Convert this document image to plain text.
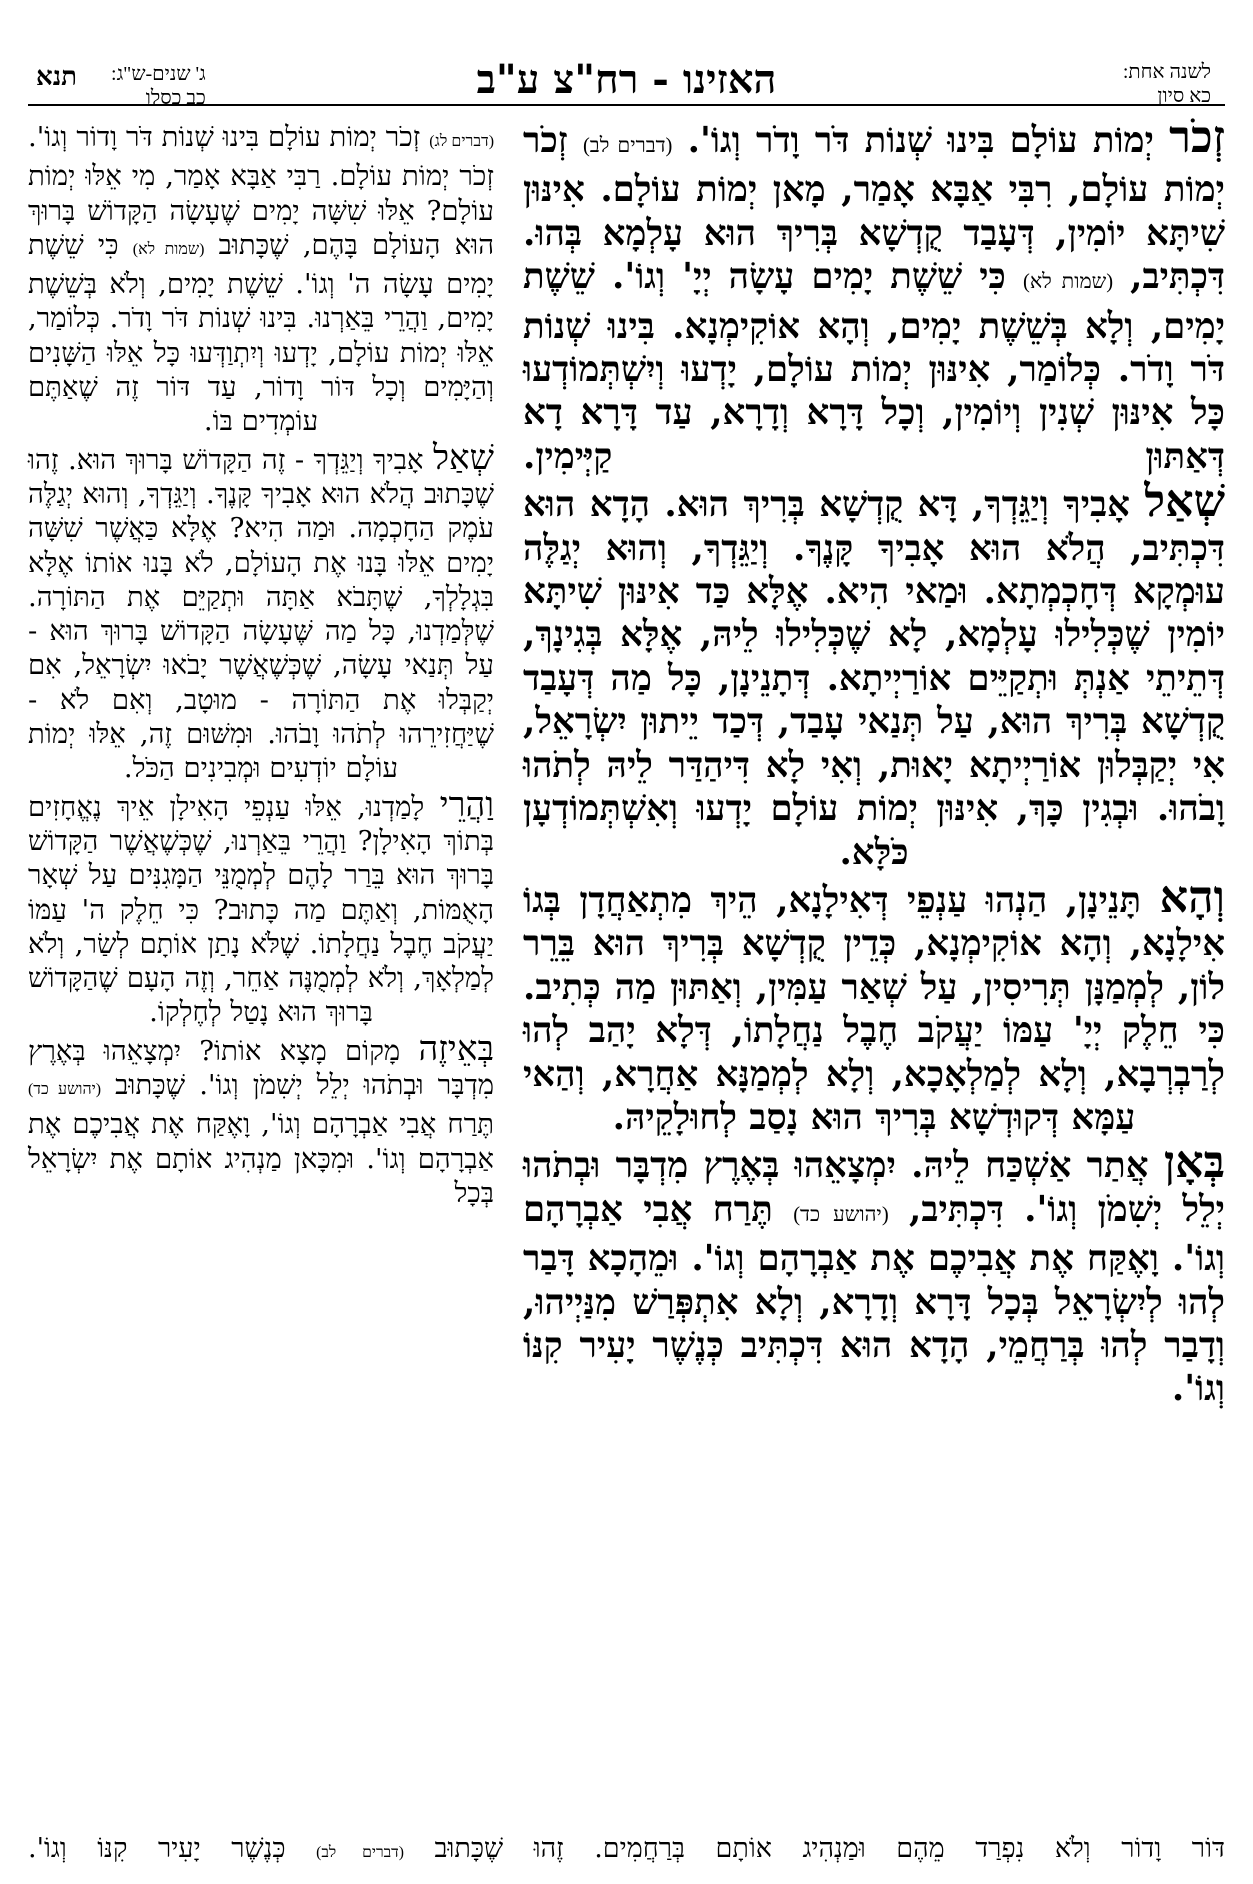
לשנה אחת:
כא סיון
האזינו - רח"צ ע"ב
תנא ג' שנים-ש"ג:
כב כסלו

זְכֹר יְמוֹת עוֹלָם בִּינוּ שְׁנוֹת דֹּר וָדֹר וְגוֹ'. (דברים לב) זְכֹר יְמוֹת עוֹלָם, רִבִּי אַבָּא אָמַר, מָאן יְמוֹת עוֹלָם. אִינּוּן שִׁיתָּא יוֹמִין, דְּעָבַד קֻדְשָׁא בְּרִיךְ הוּא עָלְמָא בְּהוּ. דִּכְתִּיב, (שמות לא) כִּי שֵׁשֶׁת יָמִים עָשָׂה יְיָ' וְגוֹ'. שֵׁשֶׁת יָמִים, וְלָא בְּשֵׁשֶׁת יָמִים, וְהָא אוֹקִימְנָא. בִּינוּ שְׁנוֹת דֹּר וָדֹר. כְּלוֹמַר, אִינּוּן יְמוֹת עוֹלָם, יָדְעוּ וְיִשְׁתְּמוֹדְעוּ כָּל אִינּוּן שְׁנִין וְיוֹמִין, וְכָל דָּרָא וְדָרָא, עַד דָּרָא דָא דְּאַתּוּן קַיְּימִין.

שְׁאַל אָבִיךָ וְיַגֵּדְךָ, דָּא קֻדְשָׁא בְּרִיךְ הוּא. הָדָא הוּא דִּכְתִּיב, הֲלֹא הוּא אָבִיךָ קָּנֶךָ. וְיַגֵּדְךָ, וְהוּא יְגַלֶּה עוּמְקָא דְּחָכְמְתָא. וּמַאי הִיא. אֶלָּא כַּד אִינּוּן שִׁיתָּא יוֹמִין שֶׁכְּלִילוּ עָלְמָא, לָא שֶׁכְּלִילוּ לֵיהּ, אֶלָּא בְּגִינָךְ, דְּתֵיתֵי אַנְתְּ וּתְקַיֵּים אוֹרַיְיתָא. דְּתָנֵינָן, כָּל מַה דְּעָבַד קֻדְשָׁא בְּרִיךְ הוּא, עַל תְּנַאי עָבַד, דְּכַד יֵיתוּן יִשְׂרָאֵל, אִי יְקַבְּלוּן אוֹרַיְיתָא יָאוּת, וְאִי לָא דִּיהַדַּר לֵיהּ לְתֹהוּ וָבֹהוּ. וּבְגִין כָּךְ, אִינּוּן יְמוֹת עוֹלָם יָדְעוּ וְאִשְׁתְּמוֹדְעָן כֹּלָּא.

וְהָא תָּנֵינָן, הַנְהוּ עַנְפֵי דְּאִילָנָא, הֵיךְ מִתְאַחֲדָן בְּגוֹ אִילָנָא, וְהָא אוֹקִימְנָא, כְּדֵין קֻדְשָׁא בְּרִיךְ הוּא בֵּרֵר לוֹן, לְמְמַנָּן תְּרִיסִין, עַל שְׁאַר עַמִּין, וְאַתּוּן מַה כְּתִיב. כִּי חֵלֶק יְיָ' עַמּוֹ יַעֲקֹב חֶבֶל נַחֲלָתוֹ, דְּלָא יָהַב לְהוּ לְרַבְרְבָא, וְלָא לְמַלְאָכָא, וְלָא לְמְמַנָּא אַחֲרָא, וְהַאי עַמָּא דְּקוּדְשָׁא בְּרִיךְ הוּא נָסַב לְחוּלָקֵיהּ.

בְּאָן אֲתַר אַשְׁכַּח לֵיהּ. יִמְצָאֵהוּ בְּאֶרֶץ מִדְבָּר וּבְתֹהוּ יְלֵל יְשִׁמֹן וְגוֹ'. דִּכְתִּיב, (יהושע כד) תֶּרַח אֲבִי אַבְרָהָם וְגוֹ'. וָאֶקַּח אֶת אֲבִיכֶם אֶת אַבְרָהָם וְגוֹ'. וּמֵהָכָא דָּבַר לְהוּ לְיִשְׂרָאֵל בְּכָל דָּרָא וְדָרָא, וְלָא אִתְפְּרַשׁ מִנַּיְיהוּ, וְדָבַר לְהוּ בְּרַחֲמֵי, הָדָא הוּא דִּכְתִּיב כְּנֶשֶׁר יָעִיר קִנּוֹ וְגוֹ'.

(דברים לג) זְכֹר יְמוֹת עוֹלָם בִּינוּ שְׁנוֹת דֹּר וָדוֹר וְגוֹ'. זְכֹר יְמוֹת עוֹלָם. רַבִּי אַבָּא אָמַר, מִי אֵלּוּ יְמוֹת עוֹלָם? אֵלּוּ שִׁשָּׁה יָמִים שֶׁעָשָׂה הַקָּדוֹשׁ בָּרוּךְ הוּא הָעוֹלָם בָּהֶם, שֶׁכָּתוּב (שמות לא) כִּי שֵׁשֶׁת יָמִים עָשָׂה ה' וְגוֹ'. שֵׁשֶׁת יָמִים, וְלֹא בְּשֵׁשֶׁת יָמִים, וַהֲרֵי בֵּאַרְנוּ. בִּינוּ שְׁנוֹת דֹּר וָדֹר. כְּלוֹמַר, אֵלּוּ יְמוֹת עוֹלָם, יָדְעוּ וְיִתְוַדְּעוּ כָּל אֵלּוּ הַשָּׁנִים וְהַיָּמִים וְכָל דּוֹר וָדוֹר, עַד דּוֹר זֶה שֶׁאַתֶּם עוֹמְדִים בּוֹ.

שְׁאַל אָבִיךָ וְיַגֵּדְךָ - זֶה הַקָּדוֹשׁ בָּרוּךְ הוּא. זֶהוּ שֶׁכָּתוּב הֲלֹא הוּא אָבִיךָ קָּנֶךָ. וְיַגֵּדְךָ, וְהוּא יְגַלֶּה עֹמֶק הַחָכְמָה. וּמַה הִיא? אֶלָּא כַּאֲשֶׁר שִׁשָּׁה יָמִים אֵלּוּ בָּנוּ אֶת הָעוֹלָם, לֹא בָּנוּ אוֹתוֹ אֶלָּא בִּגְלָלְךָ, שֶׁתָּבֹא אַתָּה וּתְקַיֵּם אֶת הַתּוֹרָה. שֶׁלְּמַדְנוּ, כָּל מַה שֶּׁעָשָׂה הַקָּדוֹשׁ בָּרוּךְ הוּא - עַל תְּנַאי עָשָׂה, שֶׁכְּשֶׁאֲשֶׁר יָבֹאוּ יִשְׂרָאֵל, אִם יְקַבְּלוּ אֶת הַתּוֹרָה - מוּטָב, וְאִם לֹא - שֶׁיַּחֲזִירֵהוּ לְתֹהוּ וָבֹהוּ. וּמִשּׁוּם זֶה, אֵלּוּ יְמוֹת עוֹלָם יוֹדְעִים וּמְבִינִים הַכֹּל.

וַהֲרֵי לָמַדְנוּ, אֵלּוּ עַנְפֵי הָאִילָן אֵיךְ נֶאֱחָזִים בְּתוֹךְ הָאִילָן? וַהֲרֵי בֵּאַרְנוּ, שֶׁכְּשֶׁאֲשֶׁר הַקָּדוֹשׁ בָּרוּךְ הוּא בֵּרַר לָהֶם לְמְמֻנֵּי הַמָּגִנִּים עַל שְׁאָר הָאֻמּוֹת, וְאַתֶּם מַה כָּתוּב? כִּי חֵלֶק ה' עַמּוֹ יַעֲקֹב חֶבֶל נַחֲלָתוֹ. שֶׁלֹּא נָתַן אוֹתָם לְשַׂר, וְלֹא לְמַלְאָךְ, וְלֹא לְמְמֻנֶּה אַחֵר, וְזֶה הָעָם שֶׁהַקָּדוֹשׁ בָּרוּךְ הוּא נָטַל לְחֶלְקוֹ.

בְּאֵיזֶה מָקוֹם מָצָא אוֹתוֹ? יִמְצָאֵהוּ בְּאֶרֶץ מִדְבָּר וּבְתֹהוּ יְלֵל יְשִׁמֹן וְגוֹ'. שֶׁכָּתוּב (יהושע כד) תֶּרַח אֲבִי אַבְרָהָם וְגוֹ', וָאֶקַּח אֶת אֲבִיכֶם אֶת אַבְרָהָם וְגוֹ'. וּמִכָּאן מַנְהִיג אוֹתָם אֶת יִשְׂרָאֵל בְּכָל

דּוֹר וָדוֹר וְלֹא נִפְרַד מֵהֶם וּמַנְהִיג אוֹתָם בְּרַחֲמִים. זֶהוּ שֶׁכָּתוּב (דברים לב) כְּנֶשֶׁר יָעִיר קִנּוֹ וְגוֹ'.
